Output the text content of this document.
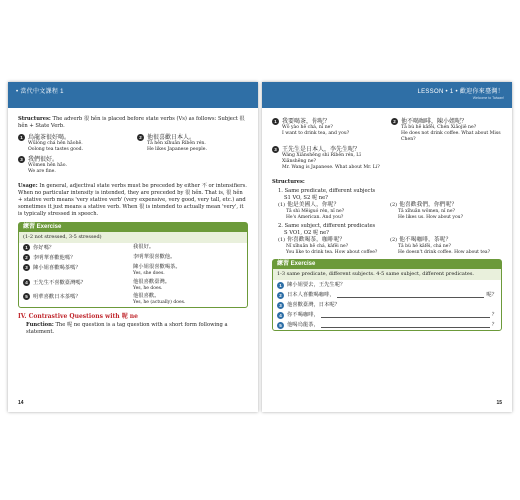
• 當代中文課程 1
Structures: The adverb 很 hěn is placed before state verbs (Vs) as follows: Subject 很 hěn + State Verb.
1 烏龍茶很好喝。
Wūlóng chá hěn hǎohē.
Oolong tea tastes good.
2 他很喜歡日本人。
Tā hěn xǐhuān Rìběn rén.
He likes Japanese people.
3 我們很好。
Wǒmen hěn hǎo.
We are fine.
Usage: In general, adjectival state verbs must be preceded by either 不 or intensifiers. When no particular intensity is intended, they are preceded by 很 hěn. That is, 很 hěn + stative verb means 'very stative verb' (very expensive, very good, very tall, etc.) and sometimes it just means a stative verb. When 很 is intended to actually mean 'very', it is typically stressed in speech.
練習 Exercise
(1-2 not stressed, 3-5 stressed)
1 你好嗎？	我很好。
2 李明華喜歡他嗎？	李明華很喜歡他。
3 陳小姐喜歡喝茶嗎？	陳小姐很喜歡喝茶。
Yes, she does.
4 王先生不喜歡臺灣嗎？	他很喜歡臺灣。
Yes, he does.
5 明華喜歡日本茶嗎？	他很喜歡。
Yes, he (actually) does.
IV. Contrastive Questions with 呢 ne
Function: The 呢 ne question is a tag question with a short form following a statement.
14
LESSON • 1 • 歡迎你來臺灣！
Welcome to Taiwan!
1 我要喝茶，你呢？
Wǒ yào hē chá, nǐ ne?
I want to drink tea, and you?
2 他不喝咖啡，陳小姐呢？
Tā bù hē kāfēi, Chén Xiǎojiě ne?
He does not drink coffee. What about Miss Chen?
3 王先生是日本人，李先生呢？
Wáng Xiānshēng shì Rìběn rén, Lǐ Xiānshēng ne?
Mr. Wang is Japanese. What about Mr. Li?
Structures:
1. Same predicate, different subjects
S1 VO, S2 呢 ne?
(1) 他是美國人，你呢？
Tā shì Měiguó rén, nǐ ne?
He's American. And you?
(2) 他喜歡我們，你們呢？
Tā xǐhuān wǒmen, nǐ ne?
He likes us. How about you?
2. Same subject, different predicates
S VO1, O2 呢 ne?
(1) 你喜歡喝茶，咖啡呢？
Nǐ xǐhuān hē chá, kāfēi ne?
You like to drink tea. How about coffee?
(2) 他不喝咖啡，茶呢？
Tā bù hē kāfēi, chá ne?
He doesn't drink coffee. How about tea?
練習 Exercise
1-3 same predicate, different subjects. 4-5 same subject, different predicates.
1 陳小姐要去，王先生呢？
2 日本人喜歡喝咖啡，	呢？
3 他喜歡臺灣，日本呢？
4 你不喝咖啡，	？
5 他喝烏龍茶，	？
15
